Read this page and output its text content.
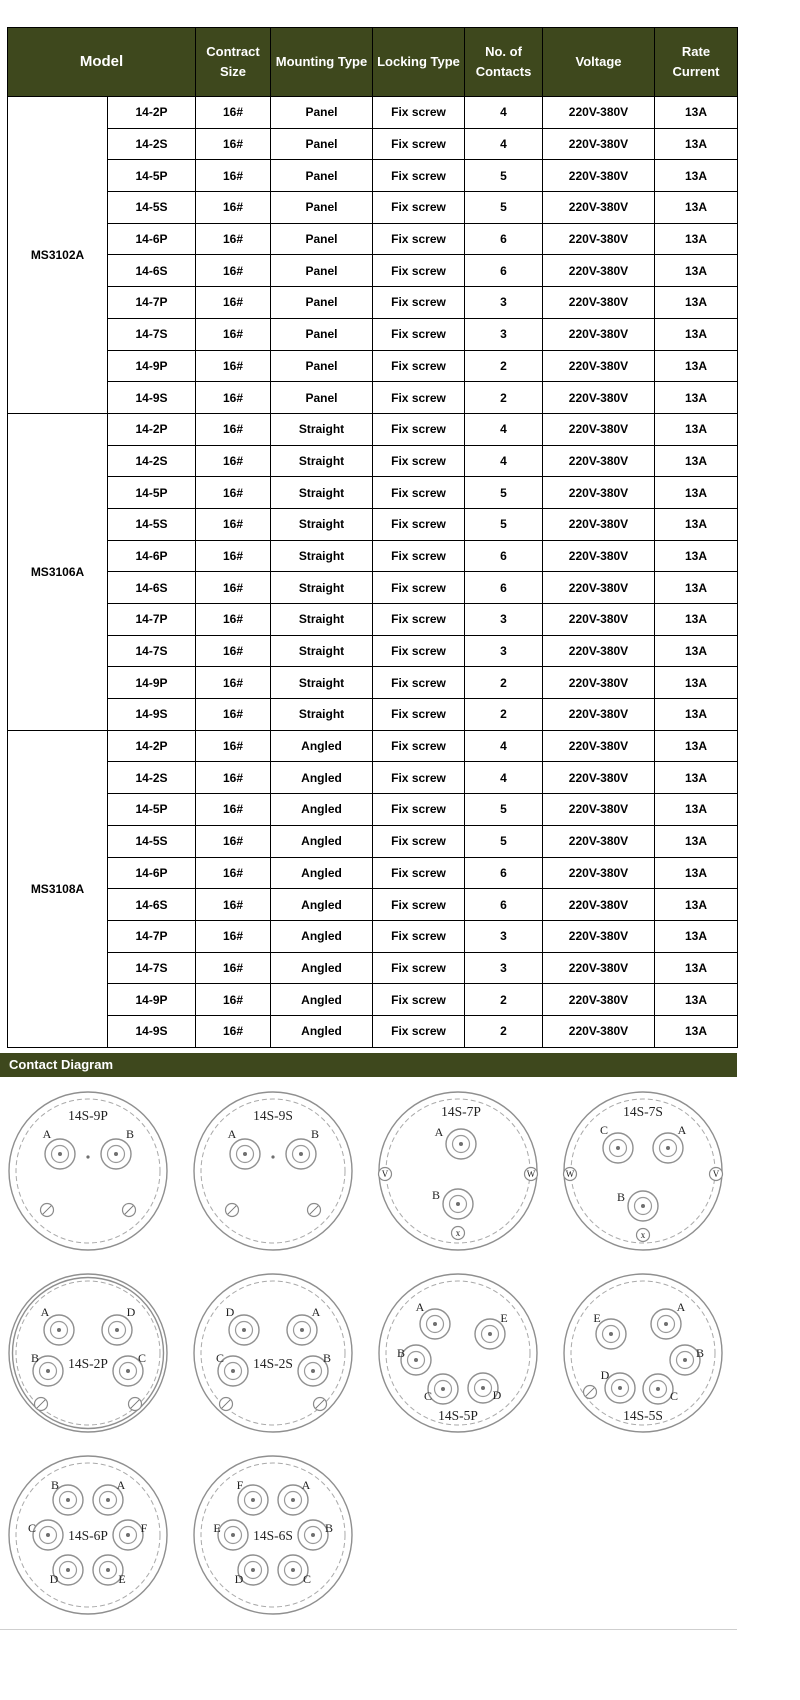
Model		Contract Size	Mounting Type	Locking Type	No. of Contacts	Voltage	Rate Current
MS3102A	14-2P	16#	Panel	Fix screw	4	220V-380V	13A
	14-2S	16#	Panel	Fix screw	4	220V-380V	13A
	14-5P	16#	Panel	Fix screw	5	220V-380V	13A
	14-5S	16#	Panel	Fix screw	5	220V-380V	13A
	14-6P	16#	Panel	Fix screw	6	220V-380V	13A
	14-6S	16#	Panel	Fix screw	6	220V-380V	13A
	14-7P	16#	Panel	Fix screw	3	220V-380V	13A
	14-7S	16#	Panel	Fix screw	3	220V-380V	13A
	14-9P	16#	Panel	Fix screw	2	220V-380V	13A
	14-9S	16#	Panel	Fix screw	2	220V-380V	13A
MS3106A	14-2P	16#	Straight	Fix screw	4	220V-380V	13A
	14-2S	16#	Straight	Fix screw	4	220V-380V	13A
	14-5P	16#	Straight	Fix screw	5	220V-380V	13A
	14-5S	16#	Straight	Fix screw	5	220V-380V	13A
	14-6P	16#	Straight	Fix screw	6	220V-380V	13A
	14-6S	16#	Straight	Fix screw	6	220V-380V	13A
	14-7P	16#	Straight	Fix screw	3	220V-380V	13A
	14-7S	16#	Straight	Fix screw	3	220V-380V	13A
	14-9P	16#	Straight	Fix screw	2	220V-380V	13A
	14-9S	16#	Straight	Fix screw	2	220V-380V	13A
MS3108A	14-2P	16#	Angled	Fix screw	4	220V-380V	13A
	14-2S	16#	Angled	Fix screw	4	220V-380V	13A
	14-5P	16#	Angled	Fix screw	5	220V-380V	13A
	14-5S	16#	Angled	Fix screw	5	220V-380V	13A
	14-6P	16#	Angled	Fix screw	6	220V-380V	13A
	14-6S	16#	Angled	Fix screw	6	220V-380V	13A
	14-7P	16#	Angled	Fix screw	3	220V-380V	13A
	14-7S	16#	Angled	Fix screw	3	220V-380V	13A
	14-9P	16#	Angled	Fix screw	2	220V-380V	13A
	14-9S	16#	Angled	Fix screw	2	220V-380V	13A
Contact Diagram
A	B
14S-9P
A	B
14S-9S
A
B
V	W
x
14S-7P
C	A
B
W	V
x
14S-7S
A	D
B	C
14S-2P
D	A
C	B
14S-2S
A
E
B
C	D
14S-5P
E
A
B
D
C
14S-5S
B	A
C	F
D	E
14S-6P
F	A
E	B
D	C
14S-6S
